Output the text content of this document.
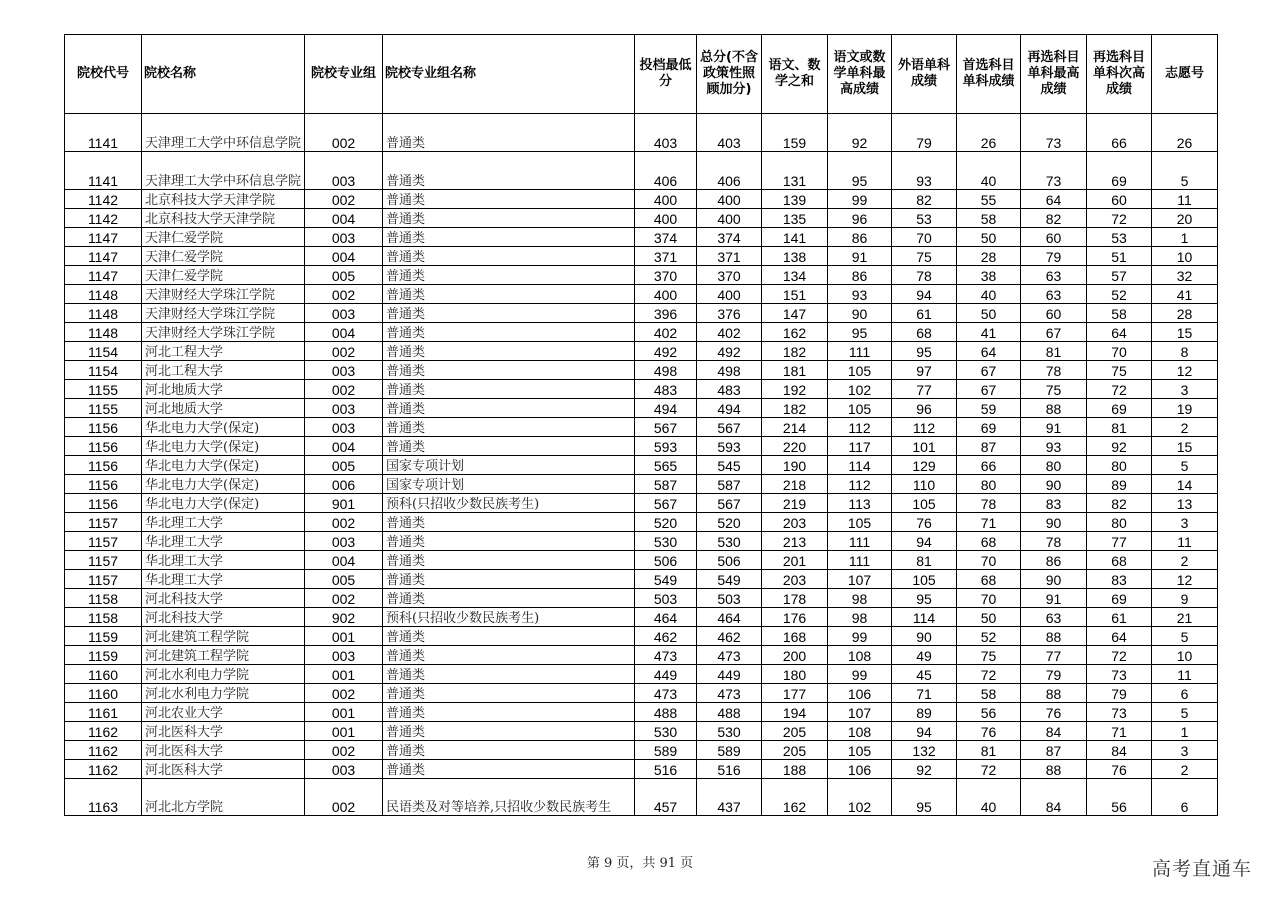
院校代号	院校名称	院校专业组	院校专业组名称	投档最低分	总分(不含政策性照顾加分)	语文、数学之和	语文或数学单科最高成绩	外语单科成绩	首选科目单科成绩	再选科目单科最高成绩	再选科目单科次高成绩	志愿号
1141	天津理工大学中环信息学院	002	普通类	403	403	159	92	79	26	73	66	26
1141	天津理工大学中环信息学院	003	普通类	406	406	131	95	93	40	73	69	5
1142	北京科技大学天津学院	002	普通类	400	400	139	99	82	55	64	60	11
1142	北京科技大学天津学院	004	普通类	400	400	135	96	53	58	82	72	20
1147	天津仁爱学院	003	普通类	374	374	141	86	70	50	60	53	1
1147	天津仁爱学院	004	普通类	371	371	138	91	75	28	79	51	10
1147	天津仁爱学院	005	普通类	370	370	134	86	78	38	63	57	32
1148	天津财经大学珠江学院	002	普通类	400	400	151	93	94	40	63	52	41
1148	天津财经大学珠江学院	003	普通类	396	376	147	90	61	50	60	58	28
1148	天津财经大学珠江学院	004	普通类	402	402	162	95	68	41	67	64	15
1154	河北工程大学	002	普通类	492	492	182	111	95	64	81	70	8
1154	河北工程大学	003	普通类	498	498	181	105	97	67	78	75	12
1155	河北地质大学	002	普通类	483	483	192	102	77	67	75	72	3
1155	河北地质大学	003	普通类	494	494	182	105	96	59	88	69	19
1156	华北电力大学(保定)	003	普通类	567	567	214	112	112	69	91	81	2
1156	华北电力大学(保定)	004	普通类	593	593	220	117	101	87	93	92	15
1156	华北电力大学(保定)	005	国家专项计划	565	545	190	114	129	66	80	80	5
1156	华北电力大学(保定)	006	国家专项计划	587	587	218	112	110	80	90	89	14
1156	华北电力大学(保定)	901	预科(只招收少数民族考生)	567	567	219	113	105	78	83	82	13
1157	华北理工大学	002	普通类	520	520	203	105	76	71	90	80	3
1157	华北理工大学	003	普通类	530	530	213	111	94	68	78	77	11
1157	华北理工大学	004	普通类	506	506	201	111	81	70	86	68	2
1157	华北理工大学	005	普通类	549	549	203	107	105	68	90	83	12
1158	河北科技大学	002	普通类	503	503	178	98	95	70	91	69	9
1158	河北科技大学	902	预科(只招收少数民族考生)	464	464	176	98	114	50	63	61	21
1159	河北建筑工程学院	001	普通类	462	462	168	99	90	52	88	64	5
1159	河北建筑工程学院	003	普通类	473	473	200	108	49	75	77	72	10
1160	河北水利电力学院	001	普通类	449	449	180	99	45	72	79	73	11
1160	河北水利电力学院	002	普通类	473	473	177	106	71	58	88	79	6
1161	河北农业大学	001	普通类	488	488	194	107	89	56	76	73	5
1162	河北医科大学	001	普通类	530	530	205	108	94	76	84	71	1
1162	河北医科大学	002	普通类	589	589	205	105	132	81	87	84	3
1162	河北医科大学	003	普通类	516	516	188	106	92	72	88	76	2
1163	河北北方学院	002	民语类及对等培养,只招收少数民族考生	457	437	162	102	95	40	84	56	6
第 9 页，共 91 页	高考直通车
